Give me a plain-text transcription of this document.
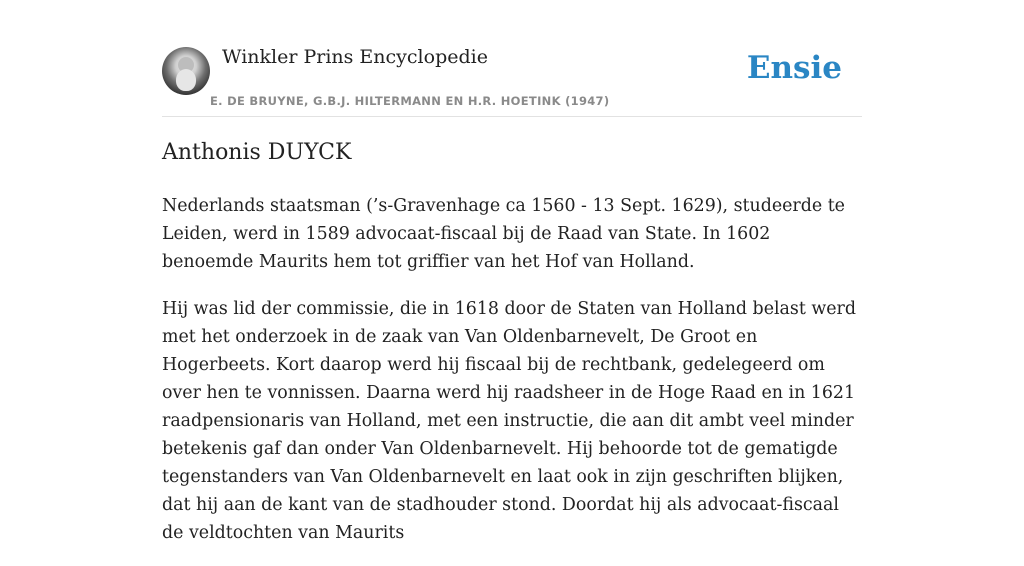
Winkler Prins Encyclopedie
E. DE BRUYNE, G.B.J. HILTERMANN EN H.R. HOETINK (1947)
Ensie
Anthonis DUYCK

Nederlands staatsman (’s-Gravenhage ca 1560 - 13 Sept. 1629), studeerde te Leiden, werd in 1589 advocaat-fiscaal bij de Raad van State. In 1602 benoemde Maurits hem tot griffier van het Hof van Holland.

Hij was lid der commissie, die in 1618 door de Staten van Holland belast werd met het onderzoek in de zaak van Van Oldenbarnevelt, De Groot en Hogerbeets. Kort daarop werd hij fiscaal bij de rechtbank, gedelegeerd om over hen te vonnissen. Daarna werd hij raadsheer in de Hoge Raad en in 1621 raadpensionaris van Holland, met een instructie, die aan dit ambt veel minder betekenis gaf dan onder Van Oldenbarnevelt. Hij behoorde tot de gematigde tegenstanders van Van Oldenbarnevelt en laat ook in zijn geschriften blijken, dat hij aan de kant van de stadhouder stond. Doordat hij als advocaat-fiscaal de veldtochten van Maurits
